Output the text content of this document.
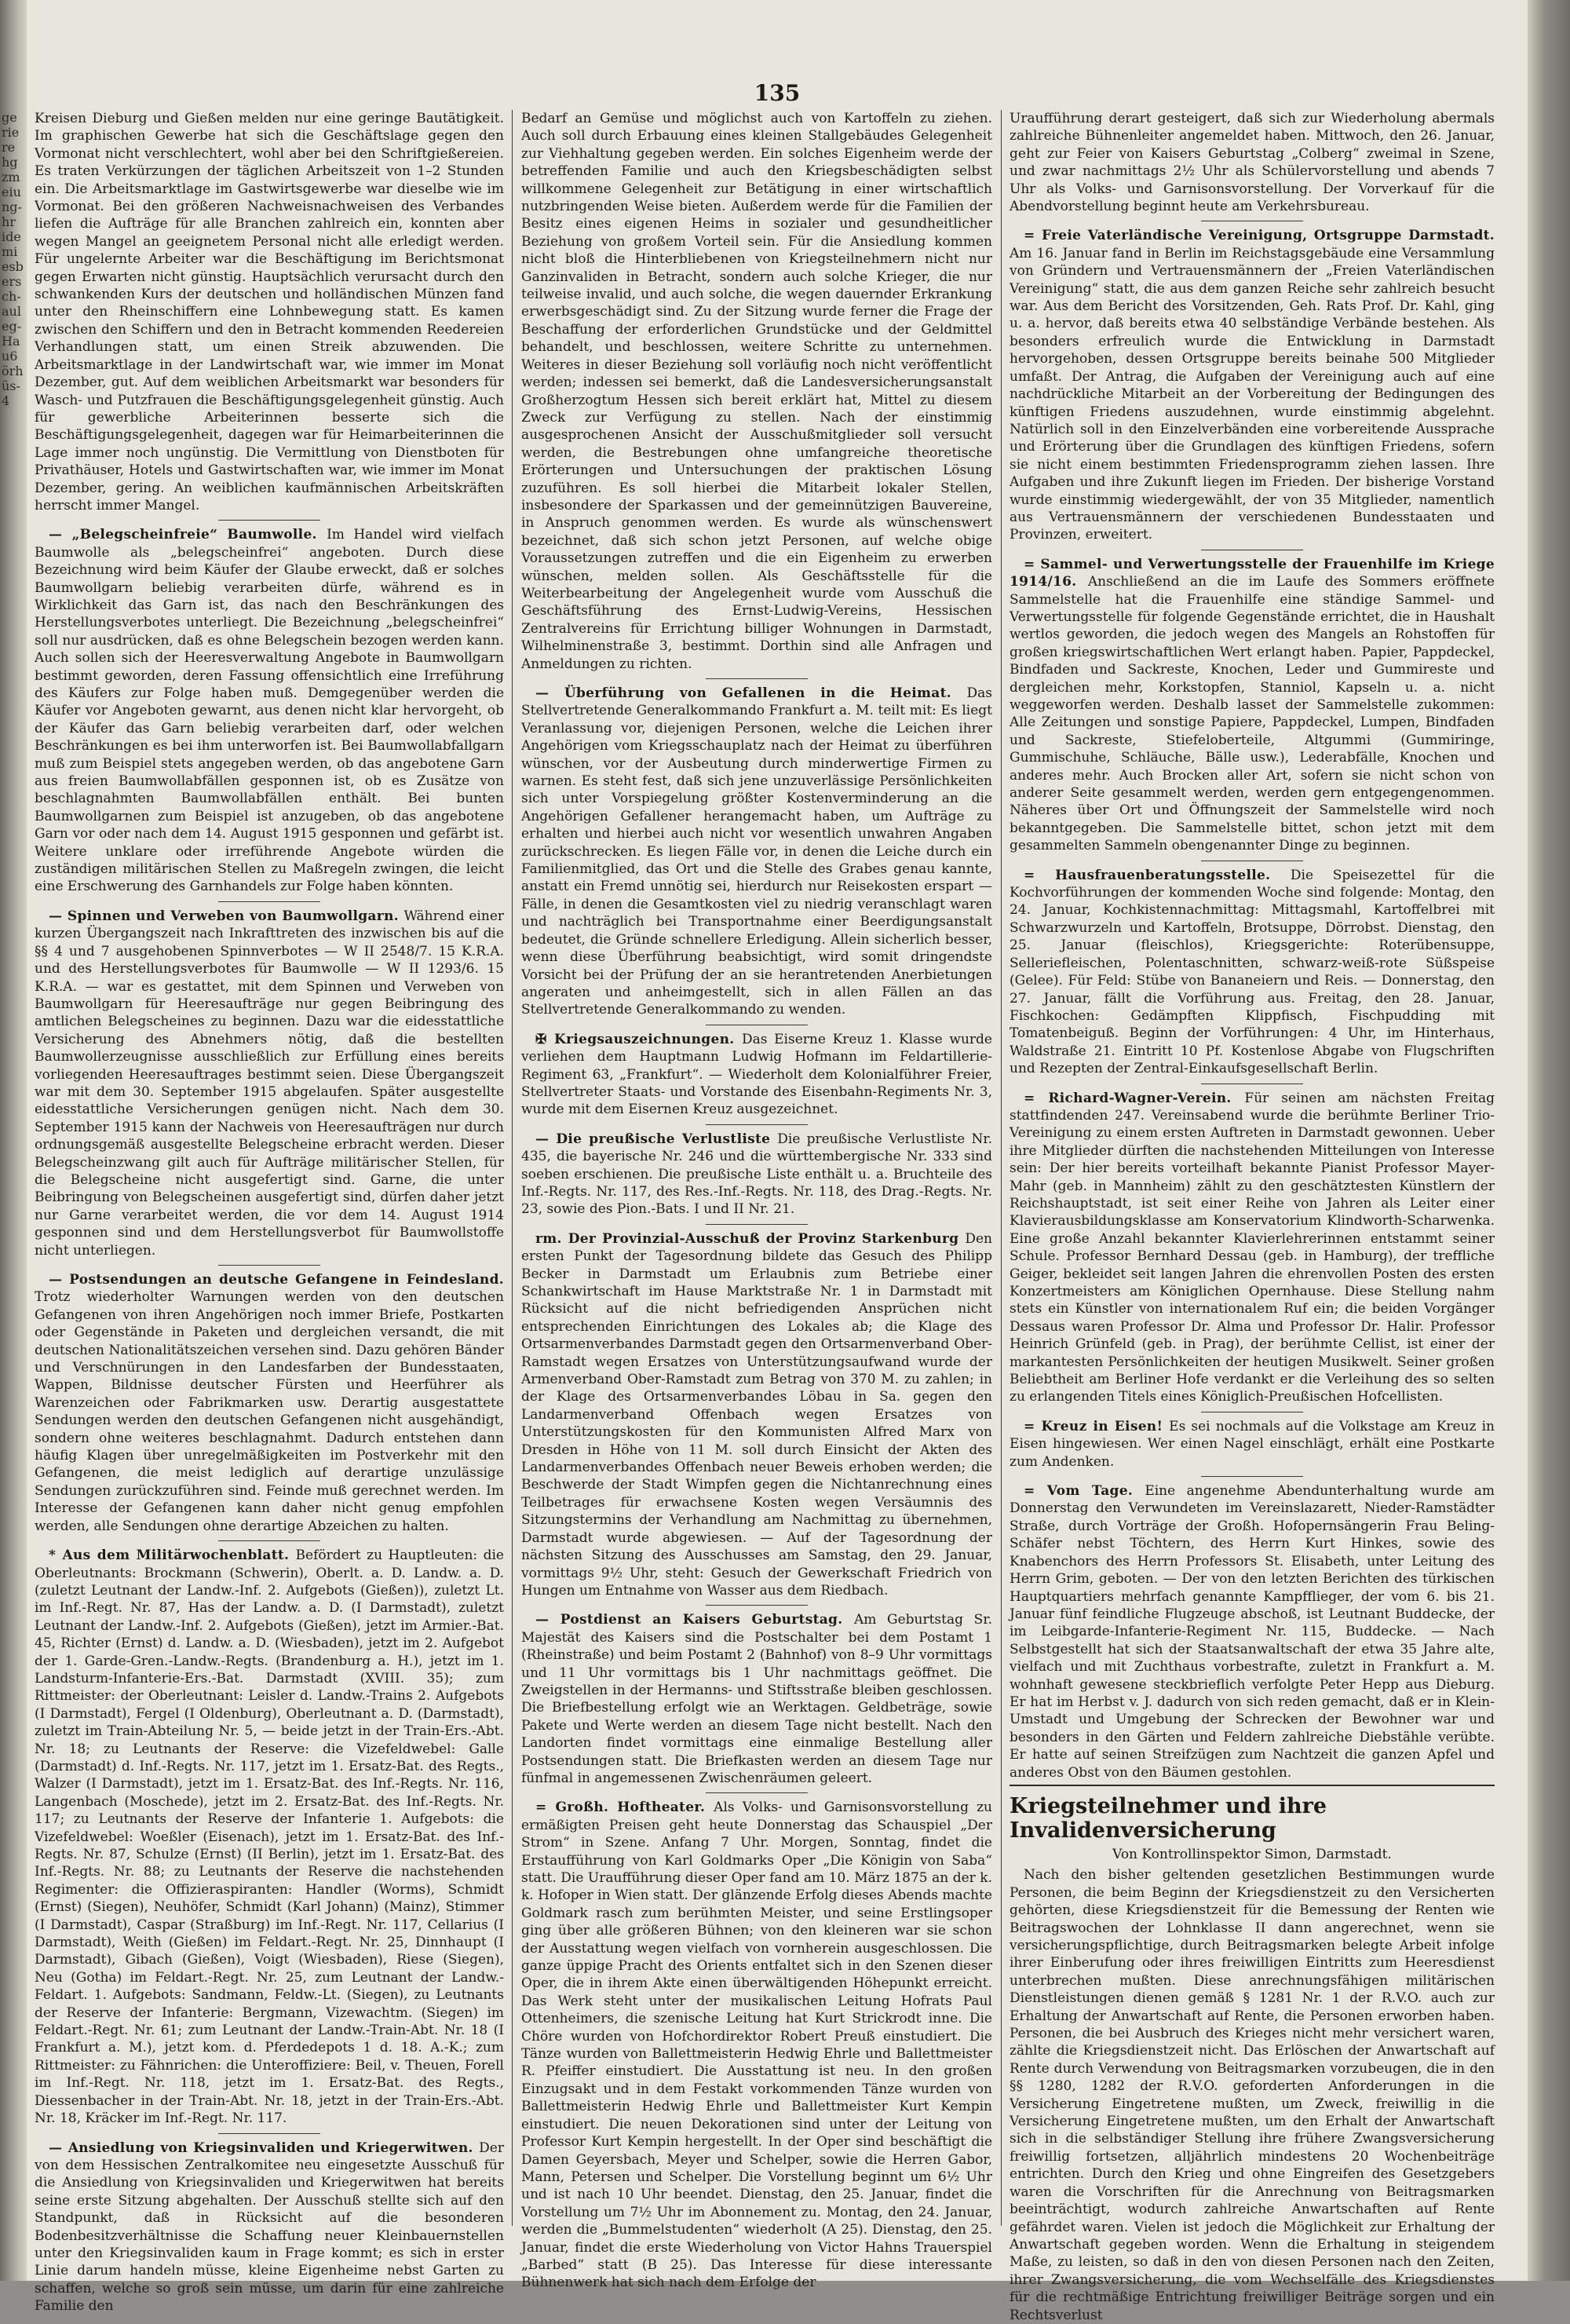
gerierehgzmeiunghridemiesberschaulegHau6 örhüs4
135

Kreisen Dieburg und Gießen melden nur eine geringe Bautätigkeit. Im graphischen Gewerbe hat sich die Geschäftslage gegen den Vormonat nicht verschlechtert, wohl aber bei den Schriftgießereien. Es traten Verkürzungen der täglichen Arbeitszeit von 1–2 Stunden ein. Die Arbeitsmarktlage im Gastwirtsgewerbe war dieselbe wie im Vormonat. Bei den größeren Nachweisnachweisen des Verbandes liefen die Aufträge für alle Branchen zahlreich ein, konnten aber wegen Mangel an geeignetem Personal nicht alle erledigt werden. Für ungelernte Arbeiter war die Beschäftigung im Berichtsmonat gegen Erwarten nicht günstig. Hauptsächlich verursacht durch den schwankenden Kurs der deutschen und holländischen Münzen fand unter den Rheinschiffern eine Lohnbewegung statt. Es kamen zwischen den Schiffern und den in Betracht kommenden Reedereien Verhandlungen statt, um einen Streik abzuwenden. Die Arbeitsmarktlage in der Landwirtschaft war, wie immer im Monat Dezember, gut. Auf dem weiblichen Arbeitsmarkt war besonders für Wasch- und Putzfrauen die Beschäftigungsgelegenheit günstig. Auch für gewerbliche Arbeiterinnen besserte sich die Beschäftigungsgelegenheit, dagegen war für Heimarbeiterinnen die Lage immer noch ungünstig. Die Vermittlung von Dienstboten für Privathäuser, Hotels und Gastwirtschaften war, wie immer im Monat Dezember, gering. An weiblichen kaufmännischen Arbeitskräften herrscht immer Mangel.

— „Belegscheinfreie“ Baumwolle. Im Handel wird vielfach Baumwolle als „belegscheinfrei“ angeboten. Durch diese Bezeichnung wird beim Käufer der Glaube erweckt, daß er solches Baumwollgarn beliebig verarbeiten dürfe, während es in Wirklichkeit das Garn ist, das nach den Beschränkungen des Herstellungsverbotes unterliegt. Die Bezeichnung „belegscheinfrei“ soll nur ausdrücken, daß es ohne Belegschein bezogen werden kann. Auch sollen sich der Heeresverwaltung Angebote in Baumwollgarn bestimmt geworden, deren Fassung offensichtlich eine Irreführung des Käufers zur Folge haben muß. Demgegenüber werden die Käufer vor Angeboten gewarnt, aus denen nicht klar hervorgeht, ob der Käufer das Garn beliebig verarbeiten darf, oder welchen Beschränkungen es bei ihm unterworfen ist. Bei Baumwollabfallgarn muß zum Beispiel stets angegeben werden, ob das angebotene Garn aus freien Baumwollabfällen gesponnen ist, ob es Zusätze von beschlagnahmten Baumwollabfällen enthält. Bei bunten Baumwollgarnen zum Beispiel ist anzugeben, ob das angebotene Garn vor oder nach dem 14. August 1915 gesponnen und gefärbt ist. Weitere unklare oder irreführende Angebote würden die zuständigen militärischen Stellen zu Maßregeln zwingen, die leicht eine Erschwerung des Garnhandels zur Folge haben könnten.

— Spinnen und Verweben von Baumwollgarn. Während einer kurzen Übergangszeit nach Inkrafttreten des inzwischen bis auf die §§ 4 und 7 ausgehobenen Spinnverbotes — W II 2548/7. 15 K.R.A. und des Herstellungsverbotes für Baumwolle — W II 1293/6. 15 K.R.A. — war es gestattet, mit dem Spinnen und Verweben von Baumwollgarn für Heeresaufträge nur gegen Beibringung des amtlichen Belegscheines zu beginnen. Dazu war die eidesstattliche Versicherung des Abnehmers nötig, daß die bestellten Baumwollerzeugnisse ausschließlich zur Erfüllung eines bereits vorliegenden Heeresauftrages bestimmt seien. Diese Übergangszeit war mit dem 30. September 1915 abgelaufen. Später ausgestellte eidesstattliche Versicherungen genügen nicht. Nach dem 30. September 1915 kann der Nachweis von Heeresaufträgen nur durch ordnungsgemäß ausgestellte Belegscheine erbracht werden. Dieser Belegscheinzwang gilt auch für Aufträge militärischer Stellen, für die Belegscheine nicht ausgefertigt sind. Garne, die unter Beibringung von Belegscheinen ausgefertigt sind, dürfen daher jetzt nur Garne verarbeitet werden, die vor dem 14. August 1914 gesponnen sind und dem Herstellungsverbot für Baumwollstoffe nicht unterliegen.

— Postsendungen an deutsche Gefangene in Feindesland. Trotz wiederholter Warnungen werden von den deutschen Gefangenen von ihren Angehörigen noch immer Briefe, Postkarten oder Gegenstände in Paketen und dergleichen versandt, die mit deutschen Nationalitätszeichen versehen sind. Dazu gehören Bänder und Verschnürungen in den Landesfarben der Bundesstaaten, Wappen, Bildnisse deutscher Fürsten und Heerführer als Warenzeichen oder Fabrikmarken usw. Derartig ausgestattete Sendungen werden den deutschen Gefangenen nicht ausgehändigt, sondern ohne weiteres beschlagnahmt. Dadurch entstehen dann häufig Klagen über unregelmäßigkeiten im Postverkehr mit den Gefangenen, die meist lediglich auf derartige unzulässige Sendungen zurückzuführen sind. Feinde muß gerechnet werden. Im Interesse der Gefangenen kann daher nicht genug empfohlen werden, alle Sendungen ohne derartige Abzeichen zu halten.

* Aus dem Militärwochenblatt. Befördert zu Hauptleuten: die Oberleutnants: Brockmann (Schwerin), Oberlt. a. D. Landw. a. D. (zuletzt Leutnant der Landw.-Inf. 2. Aufgebots (Gießen)), zuletzt Lt. im Inf.-Regt. Nr. 87, Has der Landw. a. D. (I Darmstadt), zuletzt Leutnant der Landw.-Inf. 2. Aufgebots (Gießen), jetzt im Armier.-Bat. 45, Richter (Ernst) d. Landw. a. D. (Wiesbaden), jetzt im 2. Aufgebot der 1. Garde-Gren.-Landw.-Regts. (Brandenburg a. H.), jetzt im 1. Landsturm-Infanterie-Ers.-Bat. Darmstadt (XVIII. 35); zum Rittmeister: der Oberleutnant: Leisler d. Landw.-Trains 2. Aufgebots (I Darmstadt), Fergel (I Oldenburg), Oberleutnant a. D. (Darmstadt), zuletzt im Train-Abteilung Nr. 5, — beide jetzt in der Train-Ers.-Abt. Nr. 18; zu Leutnants der Reserve: die Vizefeldwebel: Galle (Darmstadt) d. Inf.-Regts. Nr. 117, jetzt im 1. Ersatz-Bat. des Regts., Walzer (I Darmstadt), jetzt im 1. Ersatz-Bat. des Inf.-Regts. Nr. 116, Langenbach (Moschede), jetzt im 2. Ersatz-Bat. des Inf.-Regts. Nr. 117; zu Leutnants der Reserve der Infanterie 1. Aufgebots: die Vizefeldwebel: Woeßler (Eisenach), jetzt im 1. Ersatz-Bat. des Inf.-Regts. Nr. 87, Schulze (Ernst) (II Berlin), jetzt im 1. Ersatz-Bat. des Inf.-Regts. Nr. 88; zu Leutnants der Reserve die nachstehenden Regimenter: die Offizieraspiranten: Handler (Worms), Schmidt (Ernst) (Siegen), Neuhöfer, Schmidt (Karl Johann) (Mainz), Stimmer (I Darmstadt), Caspar (Straßburg) im Inf.-Regt. Nr. 117, Cellarius (I Darmstadt), Weith (Gießen) im Feldart.-Regt. Nr. 25, Dinnhaupt (I Darmstadt), Gibach (Gießen), Voigt (Wiesbaden), Riese (Siegen), Neu (Gotha) im Feldart.-Regt. Nr. 25, zum Leutnant der Landw.-Feldart. 1. Aufgebots: Sandmann, Feldw.-Lt. (Siegen), zu Leutnants der Reserve der Infanterie: Bergmann, Vizewachtm. (Siegen) im Feldart.-Regt. Nr. 61; zum Leutnant der Landw.-Train-Abt. Nr. 18 (I Frankfurt a. M.), jetzt kom. d. Pferdedepots 1 d. 18. A.-K.; zum Rittmeister: zu Fähnrichen: die Unteroffiziere: Beil, v. Theuen, Forell im Inf.-Regt. Nr. 118, jetzt im 1. Ersatz-Bat. des Regts., Diessenbacher in der Train-Abt. Nr. 18, jetzt in der Train-Ers.-Abt. Nr. 18, Kräcker im Inf.-Regt. Nr. 117.

— Ansiedlung von Kriegsinvaliden und Kriegerwitwen. Der von dem Hessischen Zentralkomitee neu eingesetzte Ausschuß für die Ansiedlung von Kriegsinvaliden und Kriegerwitwen hat bereits seine erste Sitzung abgehalten. Der Ausschuß stellte sich auf den Standpunkt, daß in Rücksicht auf die besonderen Bodenbesitzverhältnisse die Schaffung neuer Kleinbauernstellen unter den Kriegsinvaliden kaum in Frage kommt; es sich in erster Linie darum handeln müsse, kleine Eigenheime nebst Garten zu schaffen, welche so groß sein müsse, um darin für eine zahlreiche Familie den

Bedarf an Gemüse und möglichst auch von Kartoffeln zu ziehen. Auch soll durch Erbauung eines kleinen Stallgebäudes Gelegenheit zur Viehhaltung gegeben werden. Ein solches Eigenheim werde der betreffenden Familie und auch den Kriegsbeschädigten selbst willkommene Gelegenheit zur Betätigung in einer wirtschaftlich nutzbringenden Weise bieten. Außerdem werde für die Familien der Besitz eines eigenen Heims in sozialer und gesundheitlicher Beziehung von großem Vorteil sein. Für die Ansiedlung kommen nicht bloß die Hinterbliebenen von Kriegsteilnehmern nicht nur Ganzinvaliden in Betracht, sondern auch solche Krieger, die nur teilweise invalid, und auch solche, die wegen dauernder Erkrankung erwerbsgeschädigt sind. Zu der Sitzung wurde ferner die Frage der Beschaffung der erforderlichen Grundstücke und der Geldmittel behandelt, und beschlossen, weitere Schritte zu unternehmen. Weiteres in dieser Beziehung soll vorläufig noch nicht veröffentlicht werden; indessen sei bemerkt, daß die Landesversicherungsanstalt Großherzogtum Hessen sich bereit erklärt hat, Mittel zu diesem Zweck zur Verfügung zu stellen. Nach der einstimmig ausgesprochenen Ansicht der Ausschußmitglieder soll versucht werden, die Bestrebungen ohne umfangreiche theoretische Erörterungen und Untersuchungen der praktischen Lösung zuzuführen. Es soll hierbei die Mitarbeit lokaler Stellen, insbesondere der Sparkassen und der gemeinnützigen Bauvereine, in Anspruch genommen werden. Es wurde als wünschenswert bezeichnet, daß sich schon jetzt Personen, auf welche obige Voraussetzungen zutreffen und die ein Eigenheim zu erwerben wünschen, melden sollen. Als Geschäftsstelle für die Weiterbearbeitung der Angelegenheit wurde vom Ausschuß die Geschäftsführung des Ernst-Ludwig-Vereins, Hessischen Zentralvereins für Errichtung billiger Wohnungen in Darmstadt, Wilhelminenstraße 3, bestimmt. Dorthin sind alle Anfragen und Anmeldungen zu richten.

— Überführung von Gefallenen in die Heimat. Das Stellvertretende Generalkommando Frankfurt a. M. teilt mit: Es liegt Veranlassung vor, diejenigen Personen, welche die Leichen ihrer Angehörigen vom Kriegsschauplatz nach der Heimat zu überführen wünschen, vor der Ausbeutung durch minderwertige Firmen zu warnen. Es steht fest, daß sich jene unzuverlässige Persönlichkeiten sich unter Vorspiegelung größter Kostenverminderung an die Angehörigen Gefallener herangemacht haben, um Aufträge zu erhalten und hierbei auch nicht vor wesentlich unwahren Angaben zurückschrecken. Es liegen Fälle vor, in denen die Leiche durch ein Familienmitglied, das Ort und die Stelle des Grabes genau kannte, anstatt ein Fremd unnötig sei, hierdurch nur Reisekosten erspart — Fälle, in denen die Gesamtkosten viel zu niedrig veranschlagt waren und nachträglich bei Transportnahme einer Beerdigungsanstalt bedeutet, die Gründe schnellere Erledigung. Allein sicherlich besser, wenn diese Überführung beabsichtigt, wird somit dringendste Vorsicht bei der Prüfung der an sie herantretenden Anerbietungen angeraten und anheimgestellt, sich in allen Fällen an das Stellvertretende Generalkommando zu wenden.

✠ Kriegsauszeichnungen. Das Eiserne Kreuz 1. Klasse wurde verliehen dem Hauptmann Ludwig Hofmann im Feldartillerie-Regiment 63, „Frankfurt“. — Wiederholt dem Kolonialführer Freier, Stellvertreter Staats- und Vorstande des Eisenbahn-Regiments Nr. 3, wurde mit dem Eisernen Kreuz ausgezeichnet.

— Die preußische Verlustliste Die preußische Verlustliste Nr. 435, die bayerische Nr. 246 und die württembergische Nr. 333 sind soeben erschienen. Die preußische Liste enthält u. a. Bruchteile des Inf.-Regts. Nr. 117, des Res.-Inf.-Regts. Nr. 118, des Drag.-Regts. Nr. 23, sowie des Pion.-Bats. I und II Nr. 21.

rm. Der Provinzial-Ausschuß der Provinz Starkenburg Den ersten Punkt der Tagesordnung bildete das Gesuch des Philipp Becker in Darmstadt um Erlaubnis zum Betriebe einer Schankwirtschaft im Hause Marktstraße Nr. 1 in Darmstadt mit Rücksicht auf die nicht befriedigenden Ansprüchen nicht entsprechenden Einrichtungen des Lokales ab; die Klage des Ortsarmenverbandes Darmstadt gegen den Ortsarmenverband Ober-Ramstadt wegen Ersatzes von Unterstützungsaufwand wurde der Armenverband Ober-Ramstadt zum Betrag von 370 M. zu zahlen; in der Klage des Ortsarmenverbandes Löbau in Sa. gegen den Landarmenverband Offenbach wegen Ersatzes von Unterstützungskosten für den Kommunisten Alfred Marx von Dresden in Höhe von 11 M. soll durch Einsicht der Akten des Landarmenverbandes Offenbach neuer Beweis erhoben werden; die Beschwerde der Stadt Wimpfen gegen die Nichtanrechnung eines Teilbetrages für erwachsene Kosten wegen Versäumnis des Sitzungstermins der Verhandlung am Nachmittag zu übernehmen, Darmstadt wurde abgewiesen. — Auf der Tagesordnung der nächsten Sitzung des Ausschusses am Samstag, den 29. Januar, vormittags 9½ Uhr, steht: Gesuch der Gewerkschaft Friedrich von Hungen um Entnahme von Wasser aus dem Riedbach.

— Postdienst an Kaisers Geburtstag. Am Geburtstag Sr. Majestät des Kaisers sind die Postschalter bei dem Postamt 1 (Rheinstraße) und beim Postamt 2 (Bahnhof) von 8–9 Uhr vormittags und 11 Uhr vormittags bis 1 Uhr nachmittags geöffnet. Die Zweigstellen in der Hermanns- und Stiftsstraße bleiben geschlossen. Die Briefbestellung erfolgt wie an Werktagen. Geldbeträge, sowie Pakete und Werte werden an diesem Tage nicht bestellt. Nach den Landorten findet vormittags eine einmalige Bestellung aller Postsendungen statt. Die Briefkasten werden an diesem Tage nur fünfmal in angemessenen Zwischenräumen geleert.

= Großh. Hoftheater. Als Volks- und Garnisonsvorstellung zu ermäßigten Preisen geht heute Donnerstag das Schauspiel „Der Strom“ in Szene. Anfang 7 Uhr. Morgen, Sonntag, findet die Erstaufführung von Karl Goldmarks Oper „Die Königin von Saba“ statt. Die Uraufführung dieser Oper fand am 10. März 1875 an der k. k. Hofoper in Wien statt. Der glänzende Erfolg dieses Abends machte Goldmark rasch zum berühmten Meister, und seine Erstlingsoper ging über alle größeren Bühnen; von den kleineren war sie schon der Ausstattung wegen vielfach von vornherein ausgeschlossen. Die ganze üppige Pracht des Orients entfaltet sich in den Szenen dieser Oper, die in ihrem Akte einen überwältigenden Höhepunkt erreicht. Das Werk steht unter der musikalischen Leitung Hofrats Paul Ottenheimers, die szenische Leitung hat Kurt Strickrodt inne. Die Chöre wurden von Hofchordirektor Robert Preuß einstudiert. Die Tänze wurden von Ballettmeisterin Hedwig Ehrle und Ballettmeister R. Pfeiffer einstudiert. Die Ausstattung ist neu. In den großen Einzugsakt und in dem Festakt vorkommenden Tänze wurden von Ballettmeisterin Hedwig Ehrle und Ballettmeister Kurt Kempin einstudiert. Die neuen Dekorationen sind unter der Leitung von Professor Kurt Kempin hergestellt. In der Oper sind beschäftigt die Damen Geyersbach, Meyer und Schelper, sowie die Herren Gabor, Mann, Petersen und Schelper. Die Vorstellung beginnt um 6½ Uhr und ist nach 10 Uhr beendet. Dienstag, den 25. Januar, findet die Vorstellung um 7½ Uhr im Abonnement zu. Montag, den 24. Januar, werden die „Bummelstudenten“ wiederholt (A 25). Dienstag, den 25. Januar, findet die erste Wiederholung von Victor Hahns Trauerspiel „Barbed“ statt (B 25). Das Interesse für diese interessante Bühnenwerk hat sich nach dem Erfolge der

Uraufführung derart gesteigert, daß sich zur Wiederholung abermals zahlreiche Bühnenleiter angemeldet haben. Mittwoch, den 26. Januar, geht zur Feier von Kaisers Geburtstag „Colberg“ zweimal in Szene, und zwar nachmittags 2½ Uhr als Schülervorstellung und abends 7 Uhr als Volks- und Garnisonsvorstellung. Der Vorverkauf für die Abendvorstellung beginnt heute am Verkehrsbureau.

= Freie Vaterländische Vereinigung, Ortsgruppe Darmstadt. Am 16. Januar fand in Berlin im Reichstagsgebäude eine Versammlung von Gründern und Vertrauensmännern der „Freien Vaterländischen Vereinigung“ statt, die aus dem ganzen Reiche sehr zahlreich besucht war. Aus dem Bericht des Vorsitzenden, Geh. Rats Prof. Dr. Kahl, ging u. a. hervor, daß bereits etwa 40 selbständige Verbände bestehen. Als besonders erfreulich wurde die Entwicklung in Darmstadt hervorgehoben, dessen Ortsgruppe bereits beinahe 500 Mitglieder umfaßt. Der Antrag, die Aufgaben der Vereinigung auch auf eine nachdrückliche Mitarbeit an der Vorbereitung der Bedingungen des künftigen Friedens auszudehnen, wurde einstimmig abgelehnt. Natürlich soll in den Einzelverbänden eine vorbereitende Aussprache und Erörterung über die Grundlagen des künftigen Friedens, sofern sie nicht einem bestimmten Friedensprogramm ziehen lassen. Ihre Aufgaben und ihre Zukunft liegen im Frieden. Der bisherige Vorstand wurde einstimmig wiedergewählt, der von 35 Mitglieder, namentlich aus Vertrauensmännern der verschiedenen Bundesstaaten und Provinzen, erweitert.

= Sammel- und Verwertungsstelle der Frauenhilfe im Kriege 1914/16. Anschließend an die im Laufe des Sommers eröffnete Sammelstelle hat die Frauenhilfe eine ständige Sammel- und Verwertungsstelle für folgende Gegenstände errichtet, die in Haushalt wertlos geworden, die jedoch wegen des Mangels an Rohstoffen für großen kriegswirtschaftlichen Wert erlangt haben. Papier, Pappdeckel, Bindfaden und Sackreste, Knochen, Leder und Gummireste und dergleichen mehr, Korkstopfen, Stanniol, Kapseln u. a. nicht weggeworfen werden. Deshalb lasset der Sammelstelle zukommen: Alle Zeitungen und sonstige Papiere, Pappdeckel, Lumpen, Bindfaden und Sackreste, Stiefeloberteile, Altgummi (Gummiringe, Gummischuhe, Schläuche, Bälle usw.), Lederabfälle, Knochen und anderes mehr. Auch Brocken aller Art, sofern sie nicht schon von anderer Seite gesammelt werden, werden gern entgegengenommen. Näheres über Ort und Öffnungszeit der Sammelstelle wird noch bekanntgegeben. Die Sammelstelle bittet, schon jetzt mit dem gesammelten Sammeln obengenannter Dinge zu beginnen.

= Hausfrauenberatungsstelle. Die Speisezettel für die Kochvorführungen der kommenden Woche sind folgende: Montag, den 24. Januar, Kochkistennachmittag: Mittagsmahl, Kartoffelbrei mit Schwarzwurzeln und Kartoffeln, Brotsuppe, Dörrobst. Dienstag, den 25. Januar (fleischlos), Kriegsgerichte: Roterübensuppe, Selleriefleischen, Polentaschnitten, schwarz-weiß-rote Süßspeise (Gelee). Für Feld: Stübe von Bananeiern und Reis. — Donnerstag, den 27. Januar, fällt die Vorführung aus. Freitag, den 28. Januar, Fischkochen: Gedämpften Klippfisch, Fischpudding mit Tomatenbeiguß. Beginn der Vorführungen: 4 Uhr, im Hinterhaus, Waldstraße 21. Eintritt 10 Pf. Kostenlose Abgabe von Flugschriften und Rezepten der Zentral-Einkaufsgesellschaft Berlin.

= Richard-Wagner-Verein. Für seinen am nächsten Freitag stattfindenden 247. Vereinsabend wurde die berühmte Berliner Trio-Vereinigung zu einem ersten Auftreten in Darmstadt gewonnen. Ueber ihre Mitglieder dürften die nachstehenden Mitteilungen von Interesse sein: Der hier bereits vorteilhaft bekannte Pianist Professor Mayer-Mahr (geb. in Mannheim) zählt zu den geschätztesten Künstlern der Reichshauptstadt, ist seit einer Reihe von Jahren als Leiter einer Klavierausbildungsklasse am Konservatorium Klindworth-Scharwenka. Eine große Anzahl bekannter Klavierlehrerinnen entstammt seiner Schule. Professor Bernhard Dessau (geb. in Hamburg), der treffliche Geiger, bekleidet seit langen Jahren die ehrenvollen Posten des ersten Konzertmeisters am Königlichen Opernhause. Diese Stellung nahm stets ein Künstler von internationalem Ruf ein; die beiden Vorgänger Dessaus waren Professor Dr. Alma und Professor Dr. Halir. Professor Heinrich Grünfeld (geb. in Prag), der berühmte Cellist, ist einer der markantesten Persönlichkeiten der heutigen Musikwelt. Seiner großen Beliebtheit am Berliner Hofe verdankt er die Verleihung des so selten zu erlangenden Titels eines Königlich-Preußischen Hofcellisten.

= Kreuz in Eisen! Es sei nochmals auf die Volkstage am Kreuz in Eisen hingewiesen. Wer einen Nagel einschlägt, erhält eine Postkarte zum Andenken.

= Vom Tage. Eine angenehme Abendunterhaltung wurde am Donnerstag den Verwundeten im Vereinslazarett, Nieder-Ramstädter Straße, durch Vorträge der Großh. Hofopernsängerin Frau Beling-Schäfer nebst Töchtern, des Herrn Kurt Hinkes, sowie des Knabenchors des Herrn Professors St. Elisabeth, unter Leitung des Herrn Grim, geboten. — Der von den letzten Berichten des türkischen Hauptquartiers mehrfach genannte Kampfflieger, der vom 6. bis 21. Januar fünf feindliche Flugzeuge abschoß, ist Leutnant Buddecke, der im Leibgarde-Infanterie-Regiment Nr. 115, Buddecke. — Nach Selbstgestellt hat sich der Staatsanwaltschaft der etwa 35 Jahre alte, vielfach und mit Zuchthaus vorbestrafte, zuletzt in Frankfurt a. M. wohnhaft gewesene steckbrieflich verfolgte Peter Hepp aus Dieburg. Er hat im Herbst v. J. dadurch von sich reden gemacht, daß er in Klein-Umstadt und Umgebung der Schrecken der Bewohner war und besonders in den Gärten und Feldern zahlreiche Diebstähle verübte. Er hatte auf seinen Streifzügen zum Nachtzeit die ganzen Apfel und anderes Obst von den Bäumen gestohlen.

Kriegsteilnehmer und ihre Invalidenversicherung
Von Kontrollinspektor Simon, Darmstadt.

Nach den bisher geltenden gesetzlichen Bestimmungen wurde Personen, die beim Beginn der Kriegsdienstzeit zu den Versicherten gehörten, diese Kriegsdienstzeit für die Bemessung der Renten wie Beitragswochen der Lohnklasse II dann angerechnet, wenn sie versicherungspflichtige, durch Beitragsmarken belegte Arbeit infolge ihrer Einberufung oder ihres freiwilligen Eintritts zum Heeresdienst unterbrechen mußten. Diese anrechnungsfähigen militärischen Dienstleistungen dienen gemäß § 1281 Nr. 1 der R.V.O. auch zur Erhaltung der Anwartschaft auf Rente, die Personen erworben haben. Personen, die bei Ausbruch des Krieges nicht mehr versichert waren, zählte die Kriegsdienstzeit nicht. Das Erlöschen der Anwartschaft auf Rente durch Verwendung von Beitragsmarken vorzubeugen, die in den §§ 1280, 1282 der R.V.O. geforderten Anforderungen in die Versicherung Eingetretene mußten, um Zweck, freiwillig in die Versicherung Eingetretene mußten, um den Erhalt der Anwartschaft sich in die selbständiger Stellung ihre frühere Zwangsversicherung freiwillig fortsetzen, alljährlich mindestens 20 Wochenbeiträge entrichten. Durch den Krieg und ohne Eingreifen des Gesetzgebers waren die Vorschriften für die Anrechnung von Beitragsmarken beeinträchtigt, wodurch zahlreiche Anwartschaften auf Rente gefährdet waren. Vielen ist jedoch die Möglichkeit zur Erhaltung der Anwartschaft gegeben worden. Wenn die Erhaltung in steigendem Maße, zu leisten, so daß in den von diesen Personen nach den Zeiten, ihrer Zwangsversicherung, die vom Wechselfälle des Kriegsdienstes für die rechtmäßige Entrichtung freiwilliger Beiträge sorgen und ein Rechtsverlust
